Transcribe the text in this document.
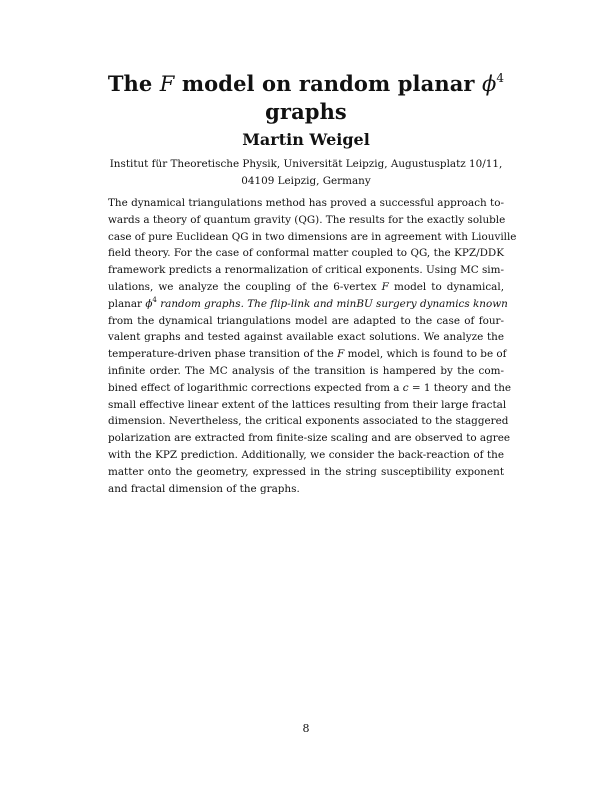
The F model on random planar $\phi^4$
graphs
Martin Weigel
Institut für Theoretische Physik, Universität Leipzig, Augustusplatz 10/11,
04109 Leipzig, Germany
The dynamical triangulations method has proved a successful approach to-
wards a theory of quantum gravity (QG). The results for the exactly soluble
case of pure Euclidean QG in two dimensions are in agreement with Liouville
field theory. For the case of conformal matter coupled to QG, the KPZ/DDK
framework predicts a renormalization of critical exponents. Using MC sim-
ulations, we analyze the coupling of the 6-vertex F model to dynamical,
planar $\phi^4$ random graphs. The flip-link and minBU surgery dynamics known
from the dynamical triangulations model are adapted to the case of four-
valent graphs and tested against available exact solutions. We analyze the
temperature-driven phase transition of the F model, which is found to be of
infinite order. The MC analysis of the transition is hampered by the com-
bined effect of logarithmic corrections expected from a c = 1 theory and the
small effective linear extent of the lattices resulting from their large fractal
dimension. Nevertheless, the critical exponents associated to the staggered
polarization are extracted from finite-size scaling and are observed to agree
with the KPZ prediction. Additionally, we consider the back-reaction of the
matter onto the geometry, expressed in the string susceptibility exponent
and fractal dimension of the graphs.
8
